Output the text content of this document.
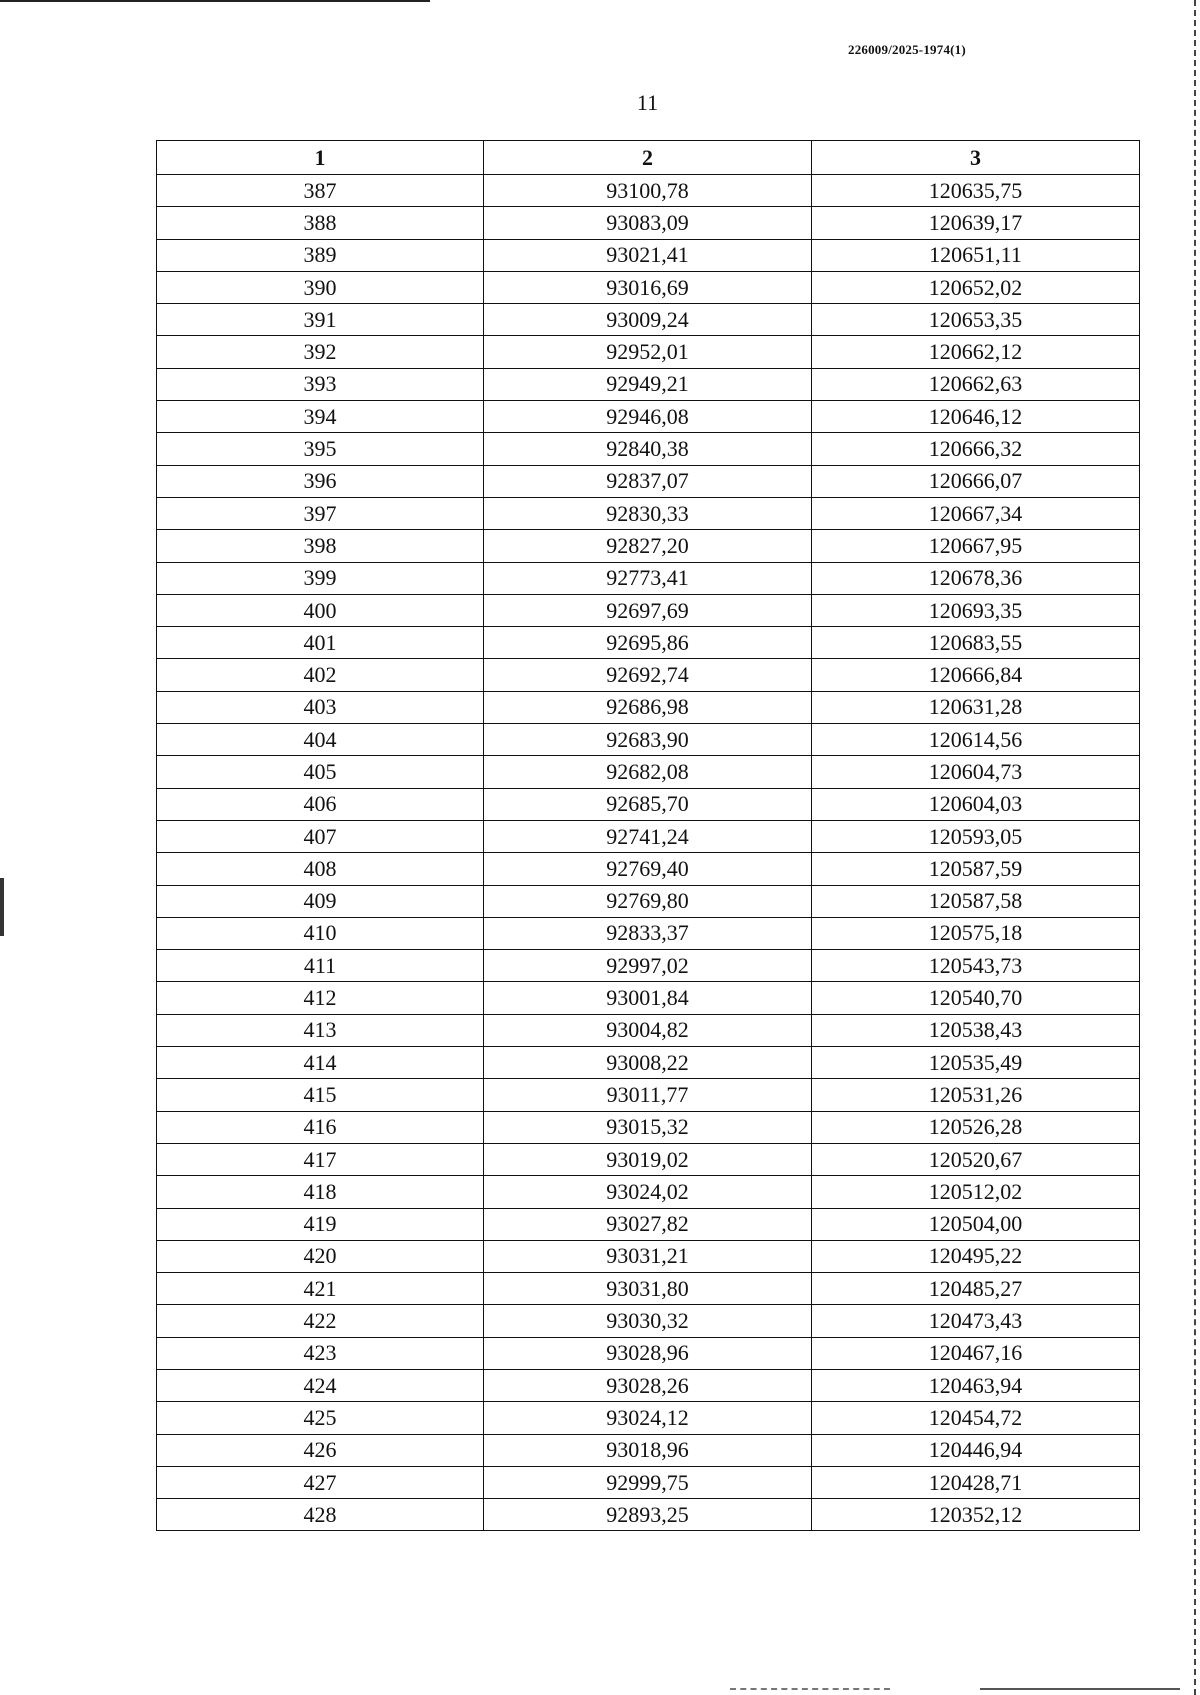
226009/2025-1974(1)
11
1	2	3
387	93100,78	120635,75
388	93083,09	120639,17
389	93021,41	120651,11
390	93016,69	120652,02
391	93009,24	120653,35
392	92952,01	120662,12
393	92949,21	120662,63
394	92946,08	120646,12
395	92840,38	120666,32
396	92837,07	120666,07
397	92830,33	120667,34
398	92827,20	120667,95
399	92773,41	120678,36
400	92697,69	120693,35
401	92695,86	120683,55
402	92692,74	120666,84
403	92686,98	120631,28
404	92683,90	120614,56
405	92682,08	120604,73
406	92685,70	120604,03
407	92741,24	120593,05
408	92769,40	120587,59
409	92769,80	120587,58
410	92833,37	120575,18
411	92997,02	120543,73
412	93001,84	120540,70
413	93004,82	120538,43
414	93008,22	120535,49
415	93011,77	120531,26
416	93015,32	120526,28
417	93019,02	120520,67
418	93024,02	120512,02
419	93027,82	120504,00
420	93031,21	120495,22
421	93031,80	120485,27
422	93030,32	120473,43
423	93028,96	120467,16
424	93028,26	120463,94
425	93024,12	120454,72
426	93018,96	120446,94
427	92999,75	120428,71
428	92893,25	120352,12
